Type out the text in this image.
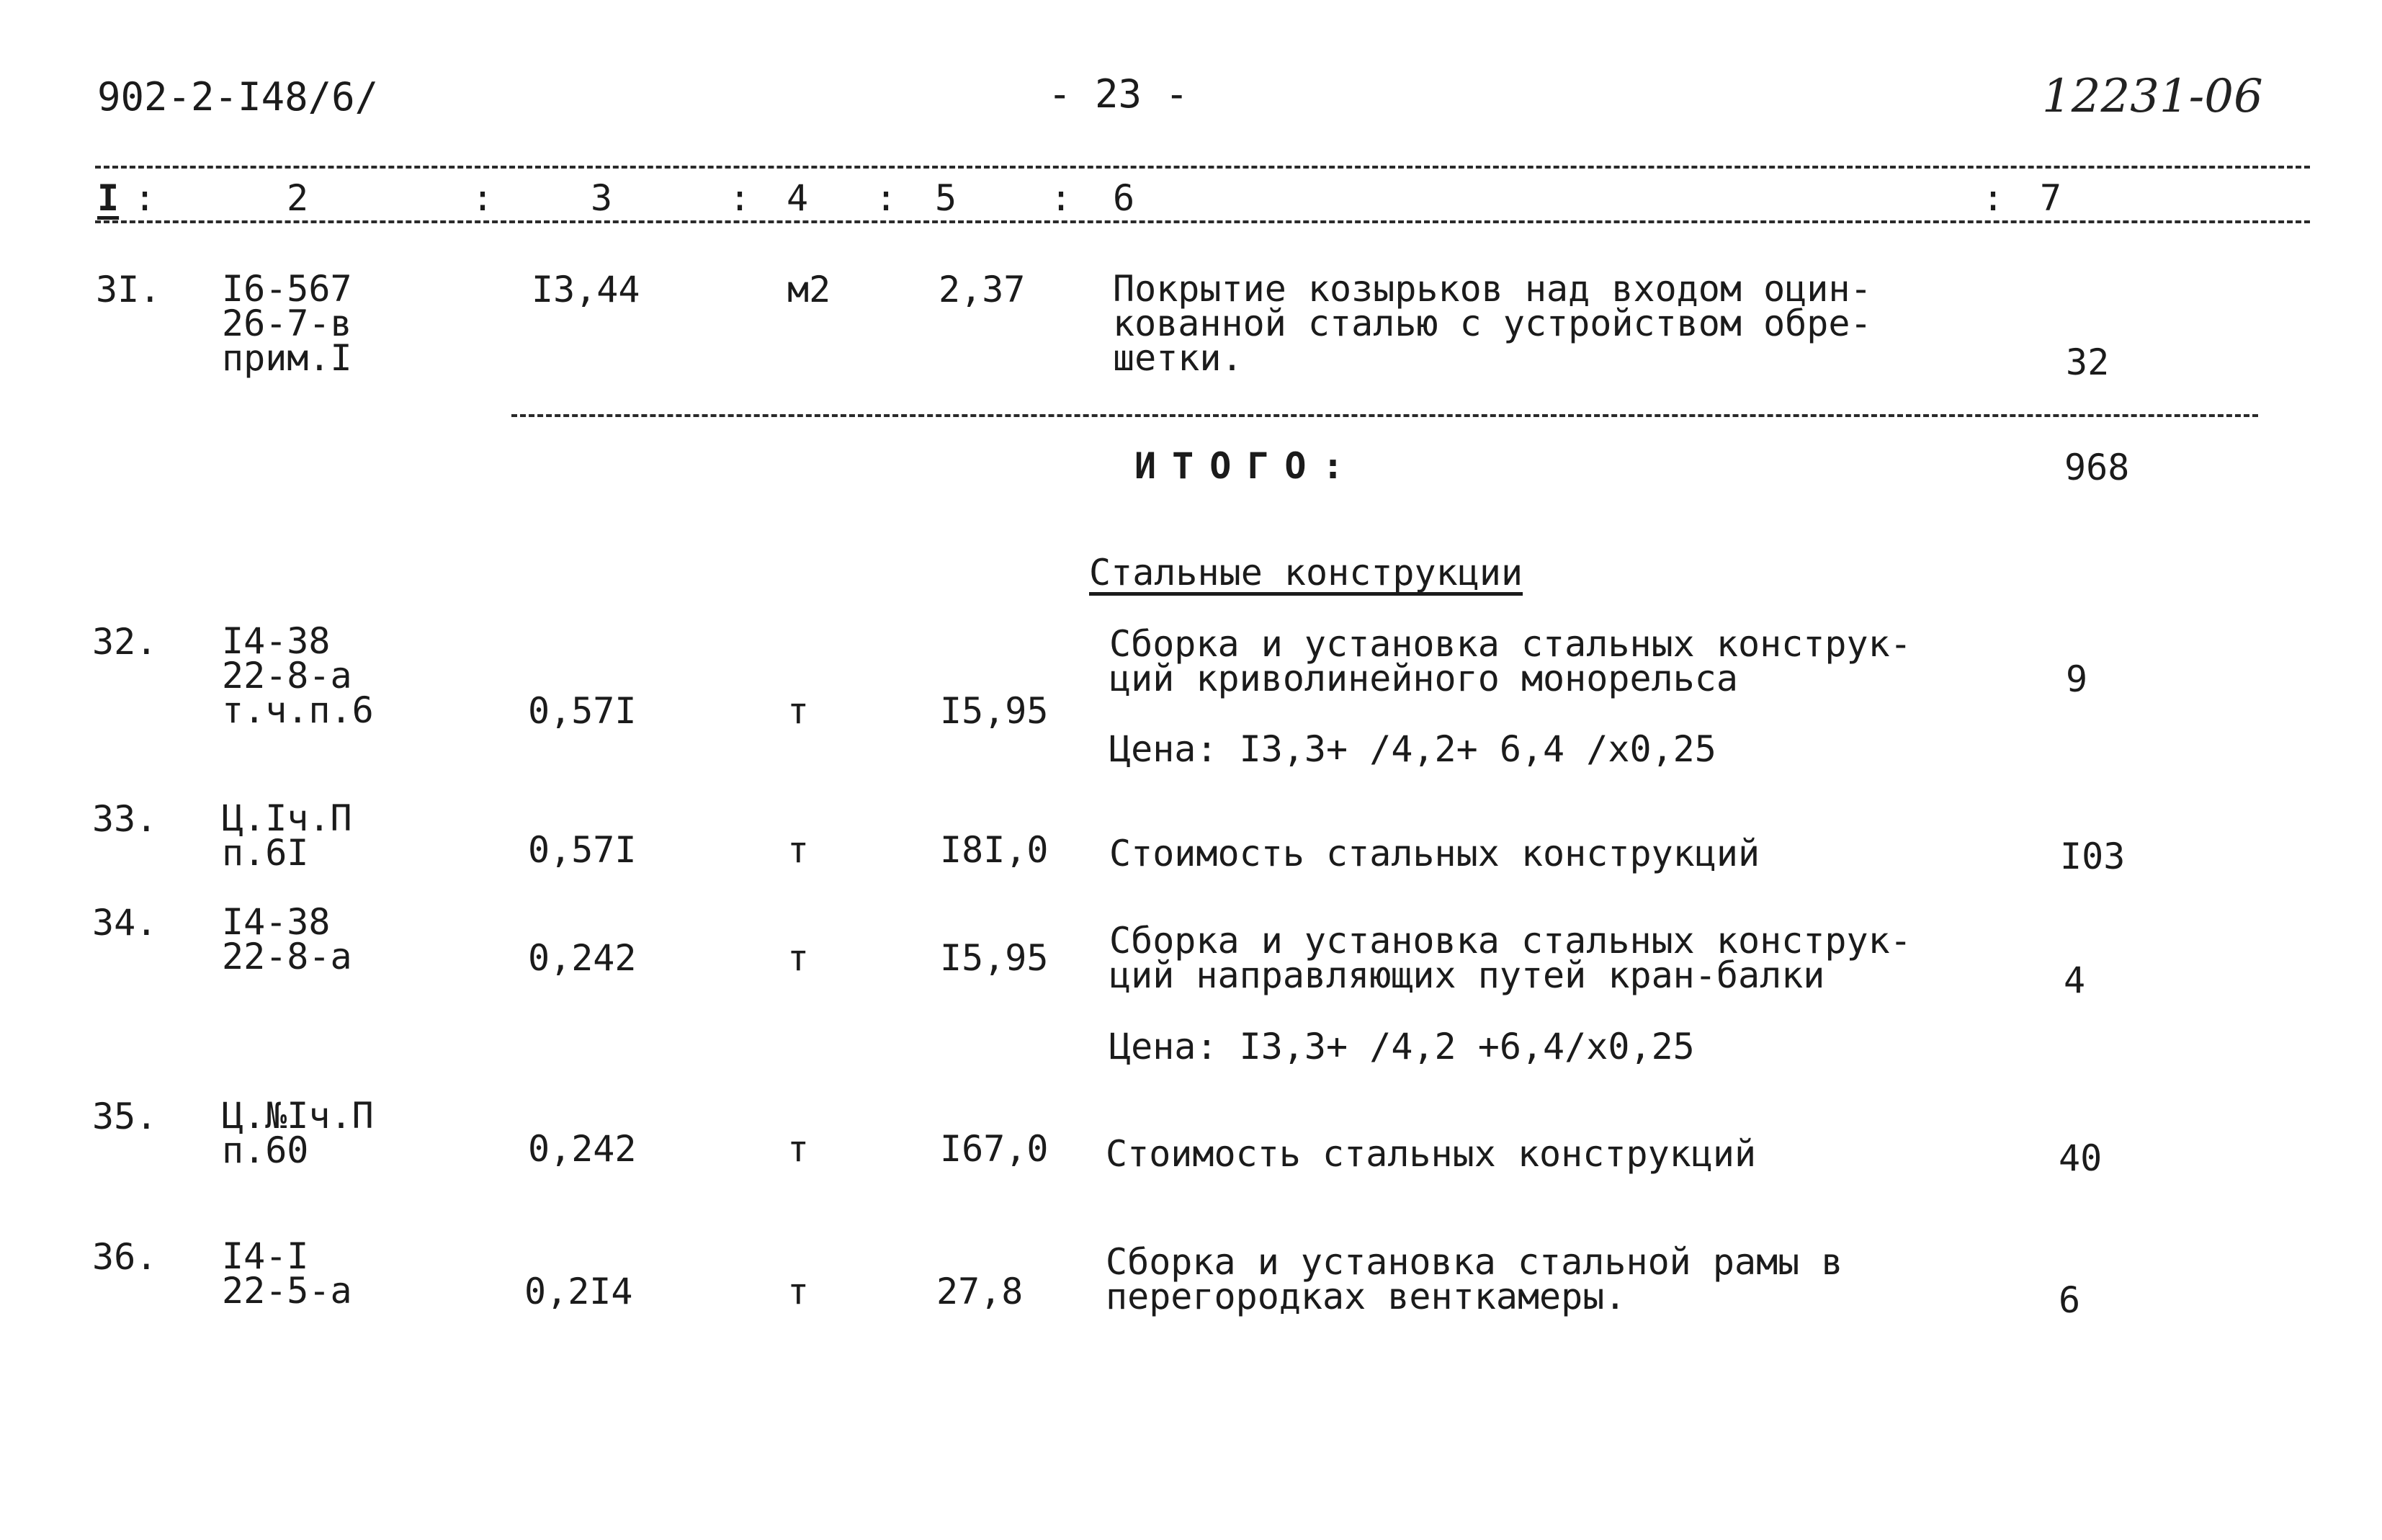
902-2-I48/6/	- 23 -	12231-06
I	2	3	4	5	6	7
:	:	:	:	:	:
3I. I6-567
26-7-в
прим.I
I3,44	м2	2,37 Покрытие козырьков над входом оцин-
кованной сталью с устройством обре-
шетки.	32
ИТОГО:	968
Стальные конструкции
32. I4-38
22-8-а
т.ч.п.6	0,57I	т	I5,95
Сборка и установка стальных конструк-
ций криволинейного монорельса	9
Цена: I3,3+ /4,2+ 6,4 /х0,25
33. Ц.Iч.П
п.6I	0,57I	т	I8I,0 Стоимость стальных конструкций	I03
34. I4-38
22-8-а	0,242	т	I5,95 Сборка и установка стальных конструк-
ций направляющих путей кран-балки	4
Цена: I3,3+ /4,2 +6,4/х0,25
35. Ц.№Iч.П
п.60	0,242	т	I67,0 Стоимость стальных конструкций	40
36. I4-I
22-5-а	0,2I4	т	27,8
Сборка и установка стальной рамы в
перегородках венткамеры.	6
